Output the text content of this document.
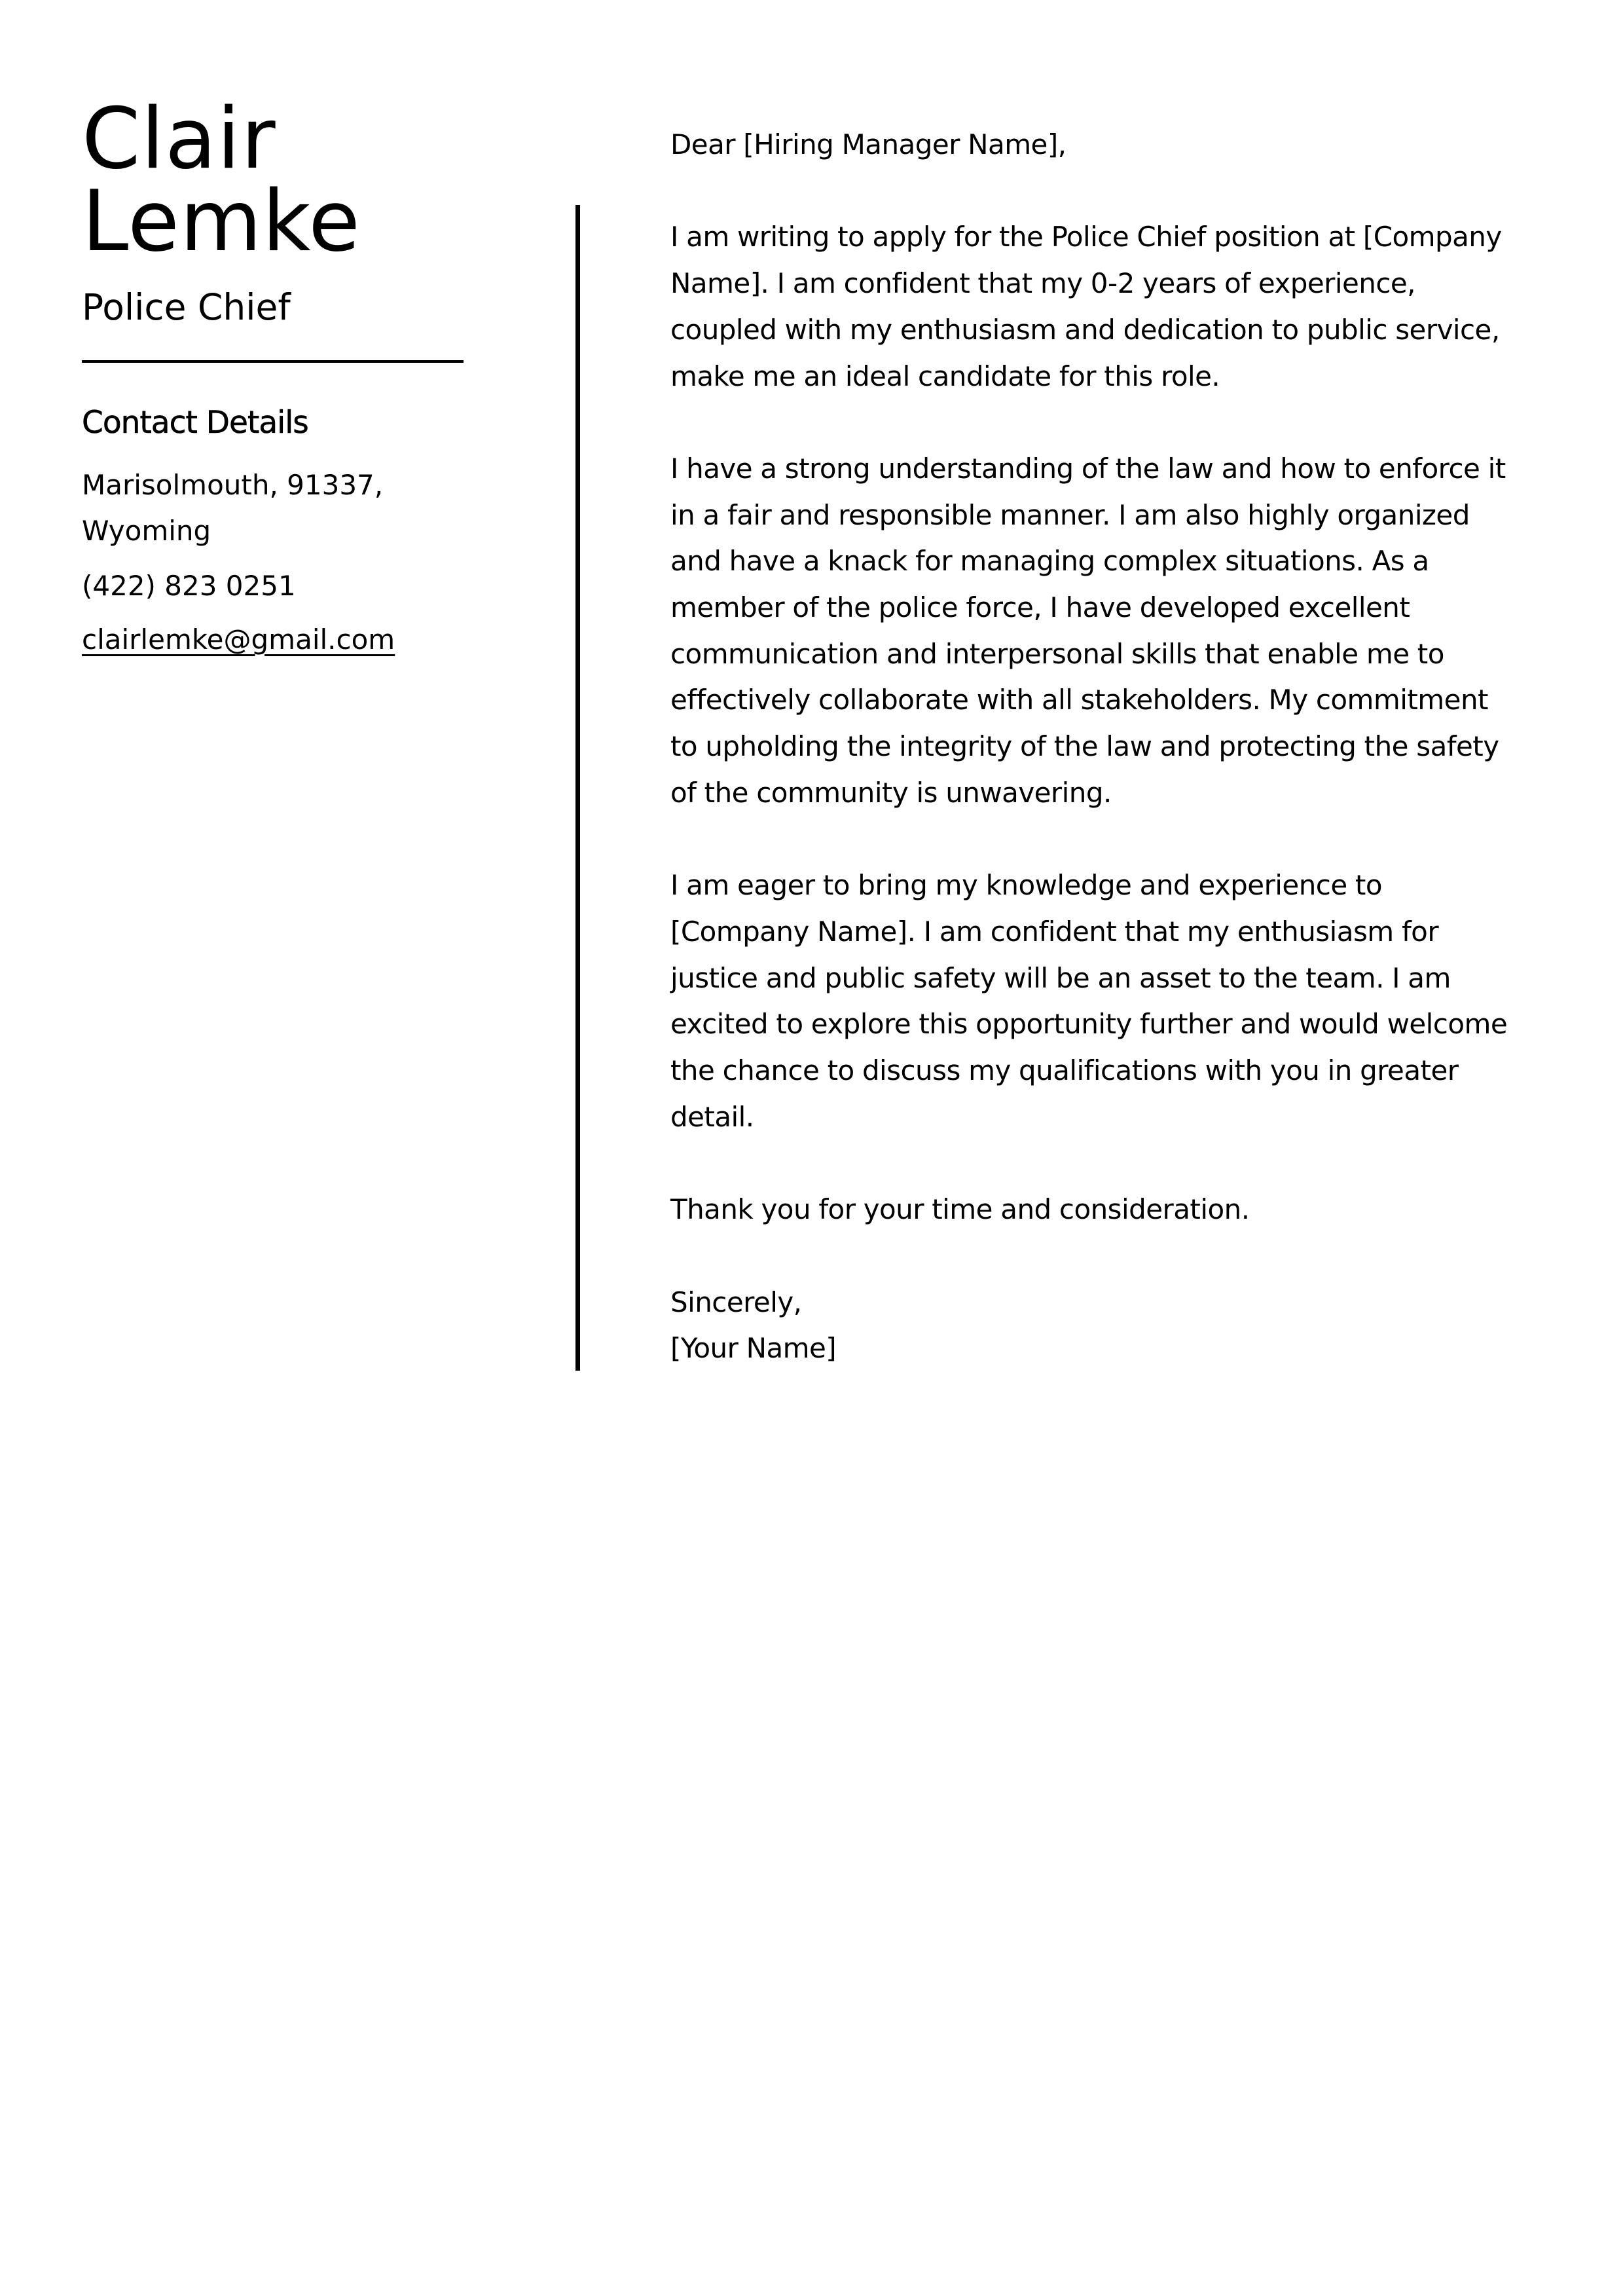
Clair
Lemke
Police Chief
Contact Details
Marisolmouth, 91337, Wyoming
(422) 823 0251
clairlemke@gmail.com

Dear [Hiring Manager Name],

I am writing to apply for the Police Chief position at [Company Name]. I am confident that my 0-2 years of experience, coupled with my enthusiasm and dedication to public service, make me an ideal candidate for this role.

I have a strong understanding of the law and how to enforce it in a fair and responsible manner. I am also highly organized and have a knack for managing complex situations. As a member of the police force, I have developed excellent communication and interpersonal skills that enable me to effectively collaborate with all stakeholders. My commitment to upholding the integrity of the law and protecting the safety of the community is unwavering.

I am eager to bring my knowledge and experience to [Company Name]. I am confident that my enthusiasm for justice and public safety will be an asset to the team. I am excited to explore this opportunity further and would welcome the chance to discuss my qualifications with you in greater detail.

Thank you for your time and consideration.

Sincerely,

[Your Name]
